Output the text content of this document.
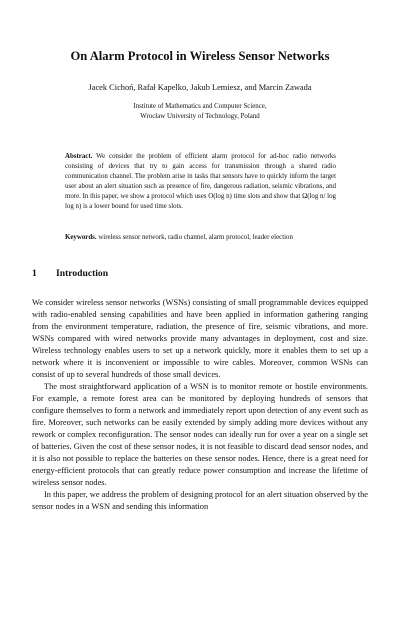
On Alarm Protocol in Wireless Sensor Networks
Jacek Cichoń, Rafał Kapelko, Jakub Lemiesz, and Marcin Zawada
Institute of Mathematics and Computer Science,
Wrocław University of Technology, Poland
Abstract. We consider the problem of efficient alarm protocol for ad-hoc radio networks consisting of devices that try to gain access for transmission through a shared radio communication channel. The problem arise in tasks that sensors have to quickly inform the target user about an alert situation such as presence of fire, dangerous radiation, seismic vibrations, and more. In this paper, we show a protocol which uses O(log n) time slots and show that Ω(log n/ log log n) is a lower bound for used time slots.
Keywords. wireless sensor network, radio channel, alarm protocol, leader election
1 Introduction

We consider wireless sensor networks (WSNs) consisting of small programmable devices equipped with radio-enabled sensing capabilities and have been applied in information gathering ranging from the environment temperature, radiation, the presence of fire, seismic vibrations, and more. WSNs compared with wired networks provide many advantages in deployment, cost and size. Wireless technology enables users to set up a network quickly, more it enables them to set up a network where it is inconvenient or impossible to wire cables. Moreover, common WSNs can consist of up to several hundreds of those small devices.

The most straightforward application of a WSN is to monitor remote or hostile environments. For example, a remote forest area can be monitored by deploying hundreds of sensors that configure themselves to form a network and immediately report upon detection of any event such as fire. Moreover, such networks can be easily extended by simply adding more devices without any rework or complex reconfiguration. The sensor nodes can ideally run for over a year on a single set of batteries. Given the cost of these sensor nodes, it is not feasible to discard dead sensor nodes, and it is also not possible to replace the batteries on these sensor nodes. Hence, there is a great need for energy-efficient protocols that can greatly reduce power consumption and increase the lifetime of wireless sensor nodes.

In this paper, we address the problem of designing protocol for an alert situation observed by the sensor nodes in a WSN and sending this information
